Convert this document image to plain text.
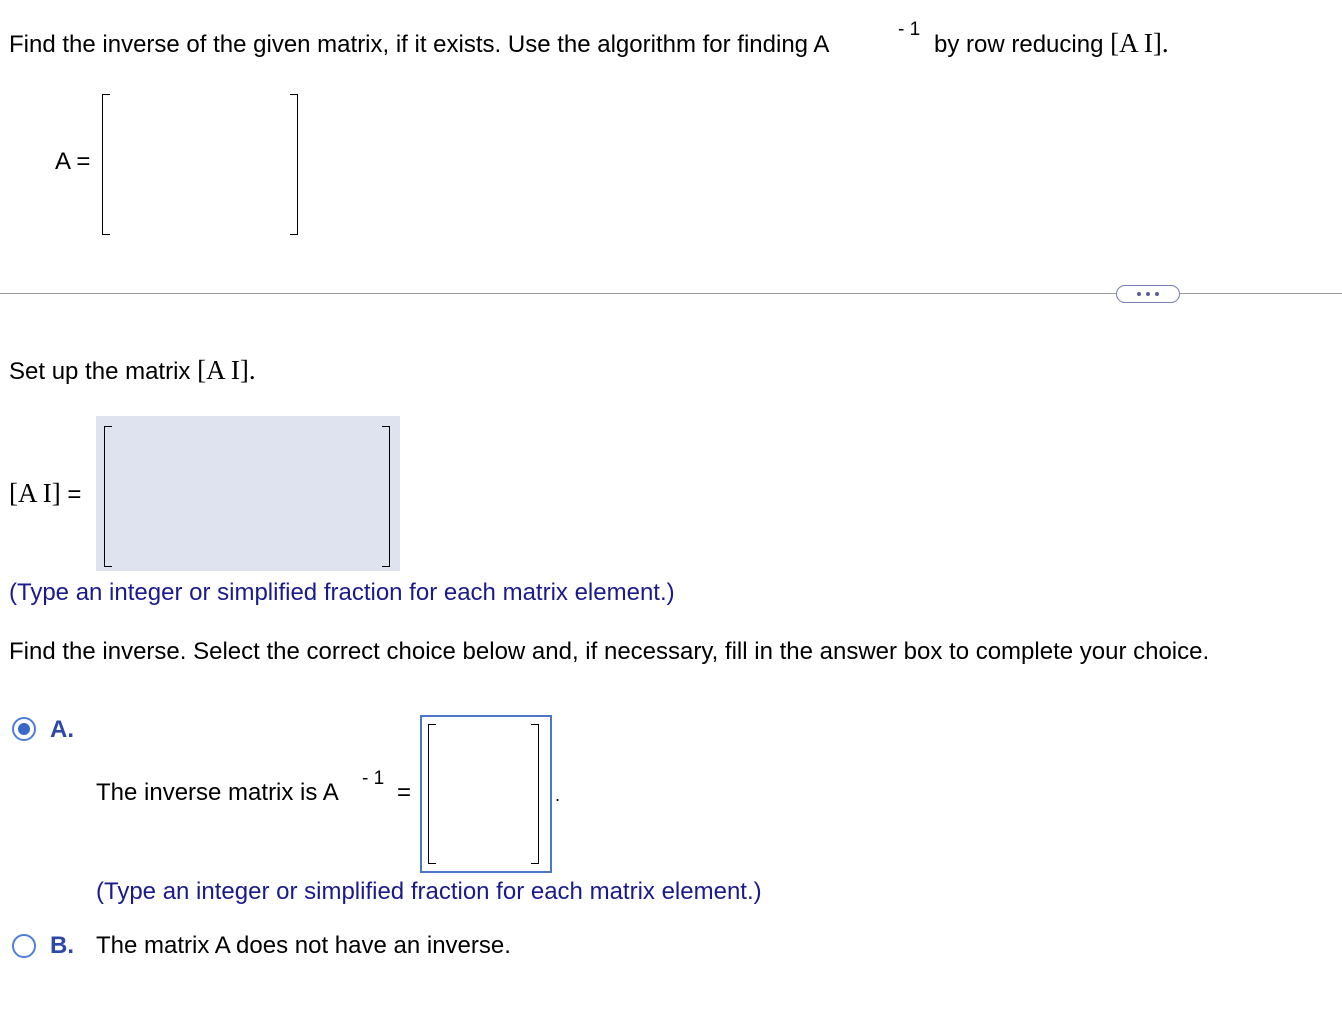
Find the inverse of the given matrix, if it exists. Use the algorithm for finding A
- 1
by row reducing [A I].
A =
Set up the matrix [A I].
[A I] =
(Type an integer or simplified fraction for each matrix element.)
Find the inverse. Select the correct choice below and, if necessary, fill in the answer box to complete your choice.
A.
The inverse matrix is A
- 1
=	.
(Type an integer or simplified fraction for each matrix element.)
B. The matrix A does not have an inverse.
